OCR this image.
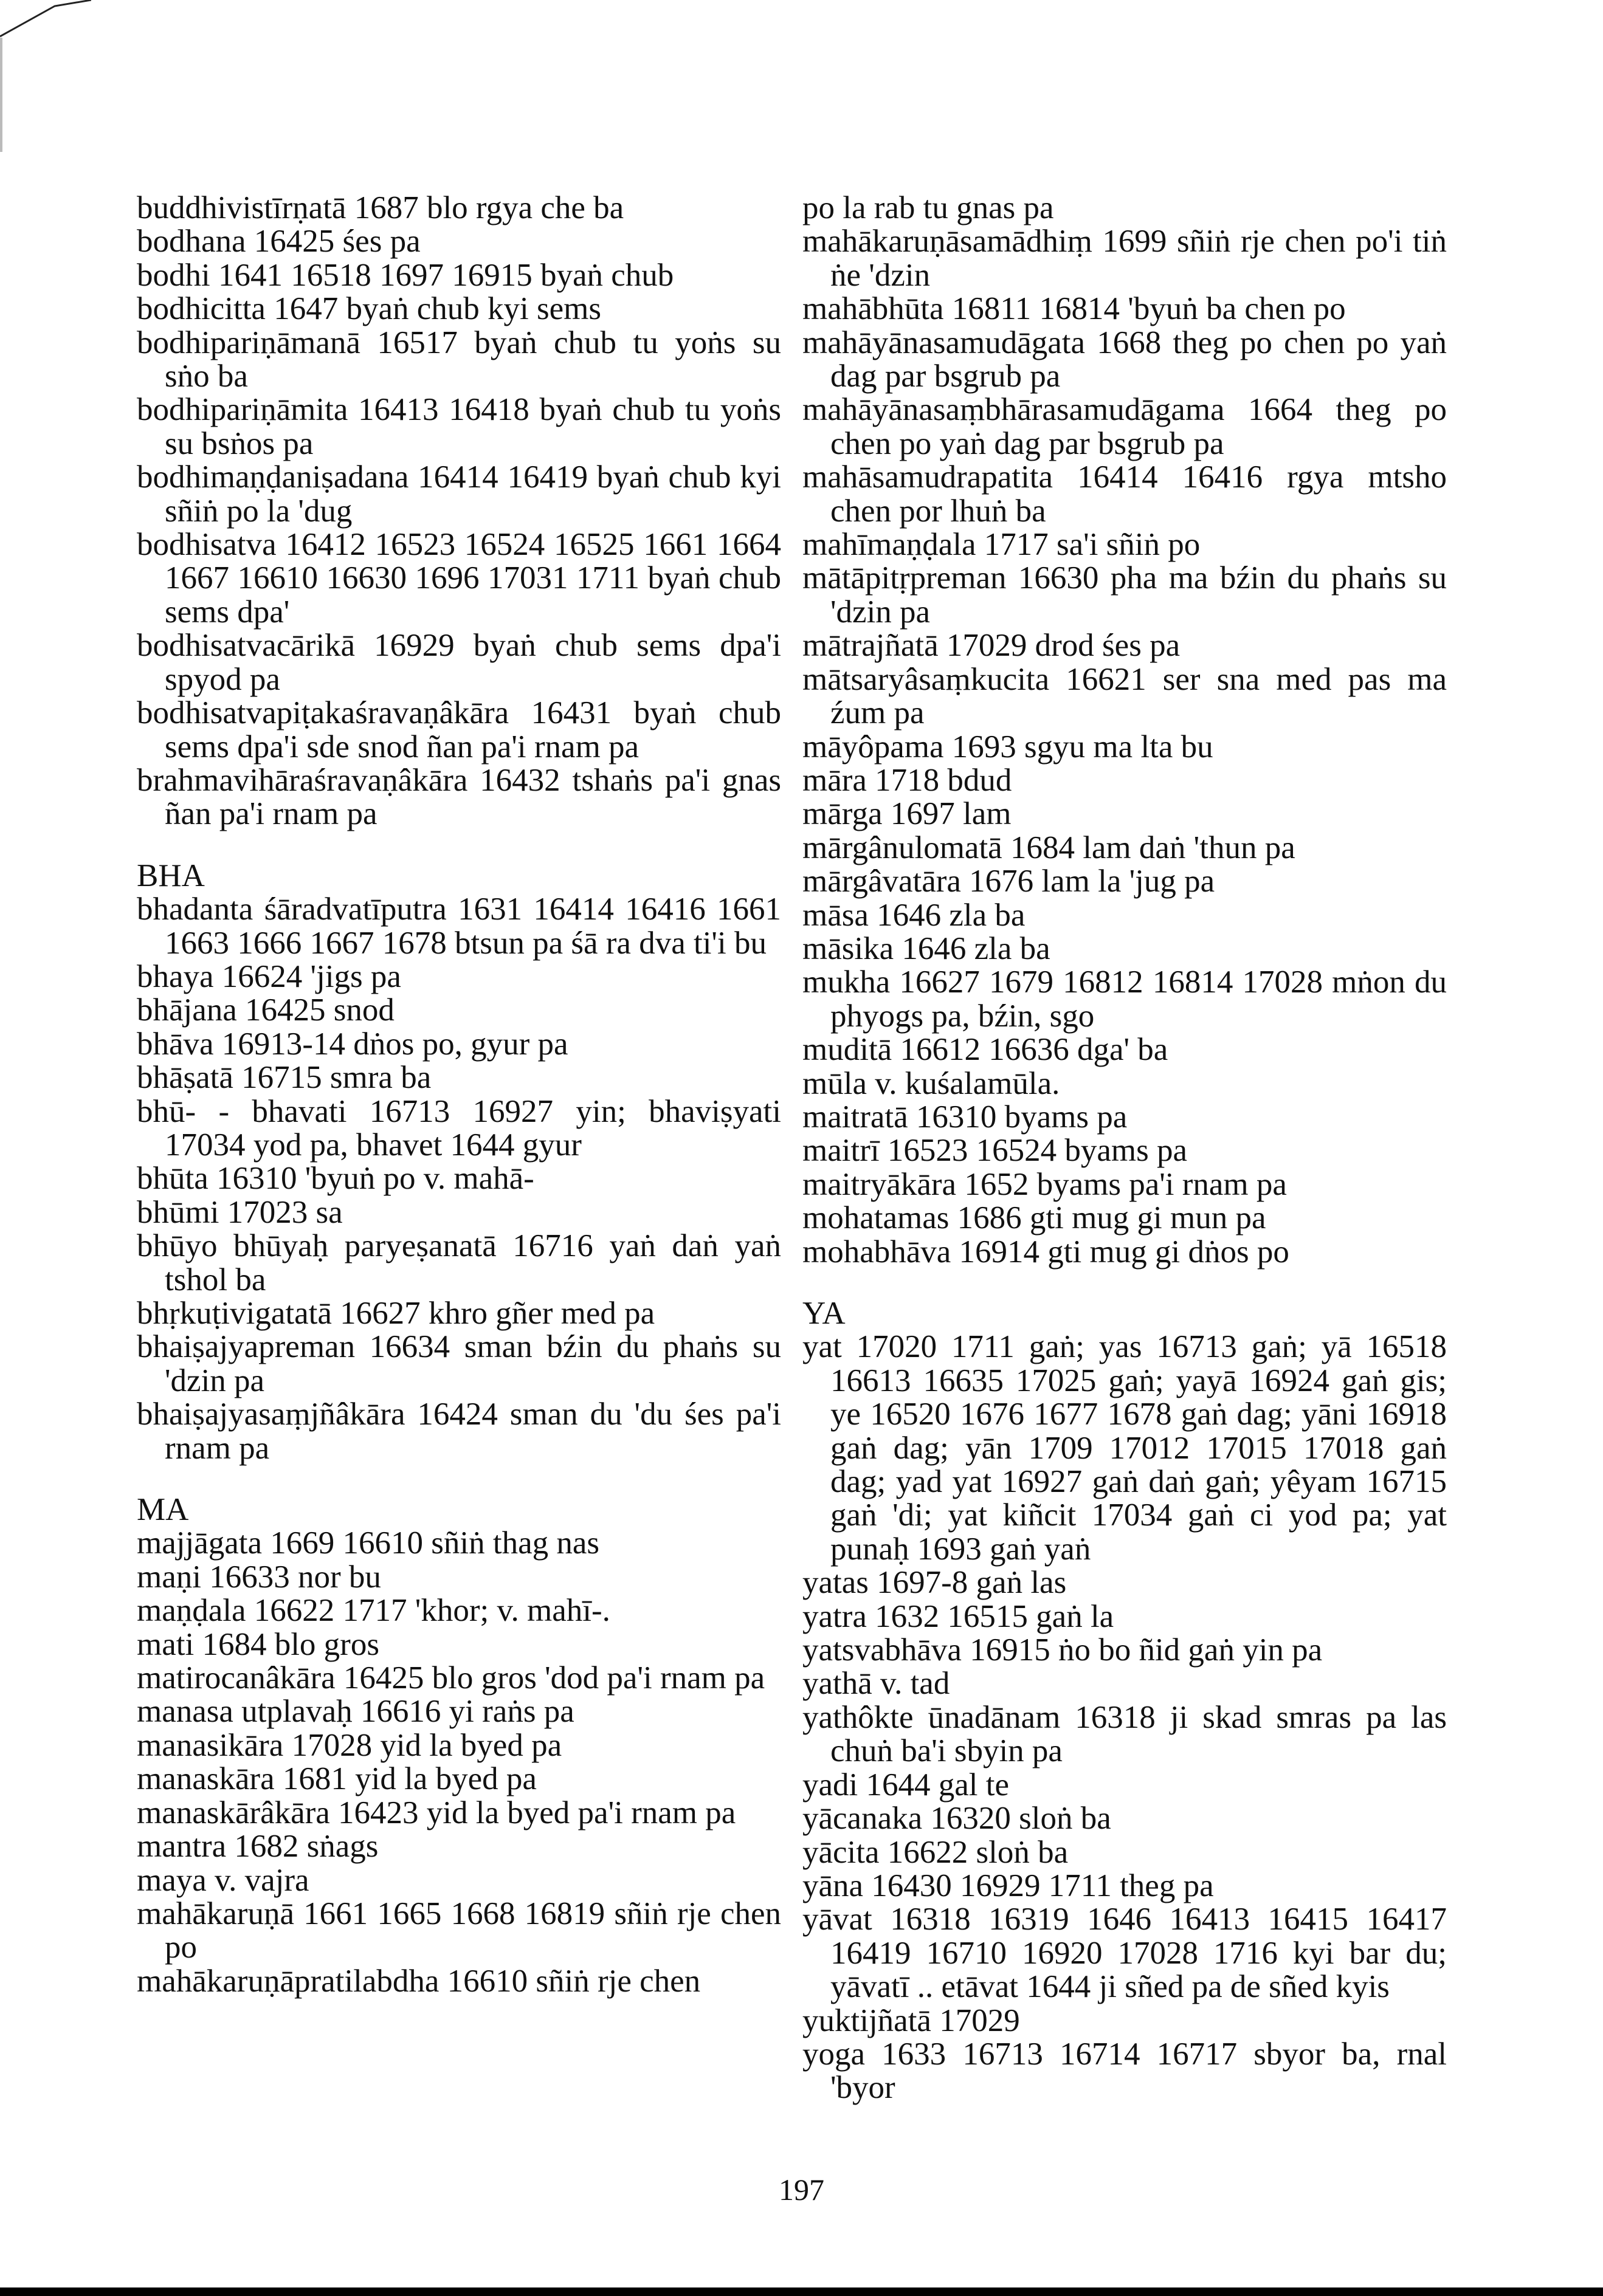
buddhivistīrṇatā 1687 blo rgya che ba
bodhana 16425 śes pa
bodhi 1641 16518 1697 16915 byaṅ chub
bodhicitta 1647 byaṅ chub kyi sems
bodhipariṇāmanā 16517 byaṅ chub tu yoṅs su sṅo ba
bodhipariṇāmita 16413 16418 byaṅ chub tu yoṅs su bsṅos pa
bodhimaṇḍaniṣadana 16414 16419 byaṅ chub kyi sñiṅ po la 'dug
bodhisatva 16412 16523 16524 16525 1661 1664 1667 16610 16630 1696 17031 1711 byaṅ chub sems dpa'
bodhisatvacārikā 16929 byaṅ chub sems dpa'i spyod pa
bodhisatvapiṭakaśravaṇâkāra 16431 byaṅ chub sems dpa'i sde snod ñan pa'i rnam pa
brahmavihāraśravaṇâkāra 16432 tshaṅs pa'i gnas ñan pa'i rnam pa
BHA
bhadanta śāradvatīputra 1631 16414 16416 1661 1663 1666 1667 1678 btsun pa śā ra dva ti'i bu
bhaya 16624 'jigs pa
bhājana 16425 snod
bhāva 16913-14 dṅos po, gyur pa
bhāṣatā 16715 smra ba
bhū- - bhavati 16713 16927 yin; bhaviṣyati 17034 yod pa, bhavet 1644 gyur
bhūta 16310 'byuṅ po v. mahā-
bhūmi 17023 sa
bhūyo bhūyaḥ paryeṣanatā 16716 yaṅ daṅ yaṅ tshol ba
bhṛkuṭivigatatā 16627 khro gñer med pa
bhaiṣajyapreman 16634 sman bźin du phaṅs su 'dzin pa
bhaiṣajyasaṃjñâkāra 16424 sman du 'du śes pa'i rnam pa
MA
majjāgata 1669 16610 sñiṅ thag nas
maṇi 16633 nor bu
maṇḍala 16622 1717 'khor; v. mahī-.
mati 1684 blo gros
matirocanâkāra 16425 blo gros 'dod pa'i rnam pa
manasa utplavaḥ 16616 yi raṅs pa
manasikāra 17028 yid la byed pa
manaskāra 1681 yid la byed pa
manaskārâkāra 16423 yid la byed pa'i rnam pa
mantra 1682 sṅags
maya v. vajra
mahākaruṇā 1661 1665 1668 16819 sñiṅ rje chen po
mahākaruṇāpratilabdha 16610 sñiṅ rje chen
po la rab tu gnas pa
mahākaruṇāsamādhiṃ 1699 sñiṅ rje chen po'i tiṅ ṅe 'dzin
mahābhūta 16811 16814 'byuṅ ba chen po
mahāyānasamudāgata 1668 theg po chen po yaṅ dag par bsgrub pa
mahāyānasaṃbhārasamudāgama 1664 theg po chen po yaṅ dag par bsgrub pa
mahāsamudrapatita 16414 16416 rgya mtsho chen por lhuṅ ba
mahīmaṇḍala 1717 sa'i sñiṅ po
mātāpitṛpreman 16630 pha ma bźin du phaṅs su 'dzin pa
mātrajñatā 17029 drod śes pa
mātsaryâsaṃkucita 16621 ser sna med pas ma źum pa
māyôpama 1693 sgyu ma lta bu
māra 1718 bdud
mārga 1697 lam
mārgânulomatā 1684 lam daṅ 'thun pa
mārgâvatāra 1676 lam la 'jug pa
māsa 1646 zla ba
māsika 1646 zla ba
mukha 16627 1679 16812 16814 17028 mṅon du phyogs pa, bźin, sgo
muditā 16612 16636 dga' ba
mūla v. kuśalamūla.
maitratā 16310 byams pa
maitrī 16523 16524 byams pa
maitryākāra 1652 byams pa'i rnam pa
mohatamas 1686 gti mug gi mun pa
mohabhāva 16914 gti mug gi dṅos po
YA
yat 17020 1711 gaṅ; yas 16713 gaṅ; yā 16518 16613 16635 17025 gaṅ; yayā 16924 gaṅ gis; ye 16520 1676 1677 1678 gaṅ dag; yāni 16918 gaṅ dag; yān 1709 17012 17015 17018 gaṅ dag; yad yat 16927 gaṅ daṅ gaṅ; yêyam 16715 gaṅ 'di; yat kiñcit 17034 gaṅ ci yod pa; yat punaḥ 1693 gaṅ yaṅ
yatas 1697-8 gaṅ las
yatra 1632 16515 gaṅ la
yatsvabhāva 16915 ṅo bo ñid gaṅ yin pa
yathā v. tad
yathôkte ūnadānam 16318 ji skad smras pa las chuṅ ba'i sbyin pa
yadi 1644 gal te
yācanaka 16320 sloṅ ba
yācita 16622 sloṅ ba
yāna 16430 16929 1711 theg pa
yāvat 16318 16319 1646 16413 16415 16417 16419 16710 16920 17028 1716 kyi bar du; yāvatī .. etāvat 1644 ji sñed pa de sñed kyis
yuktijñatā 17029
yoga 1633 16713 16714 16717 sbyor ba, rnal 'byor
197
